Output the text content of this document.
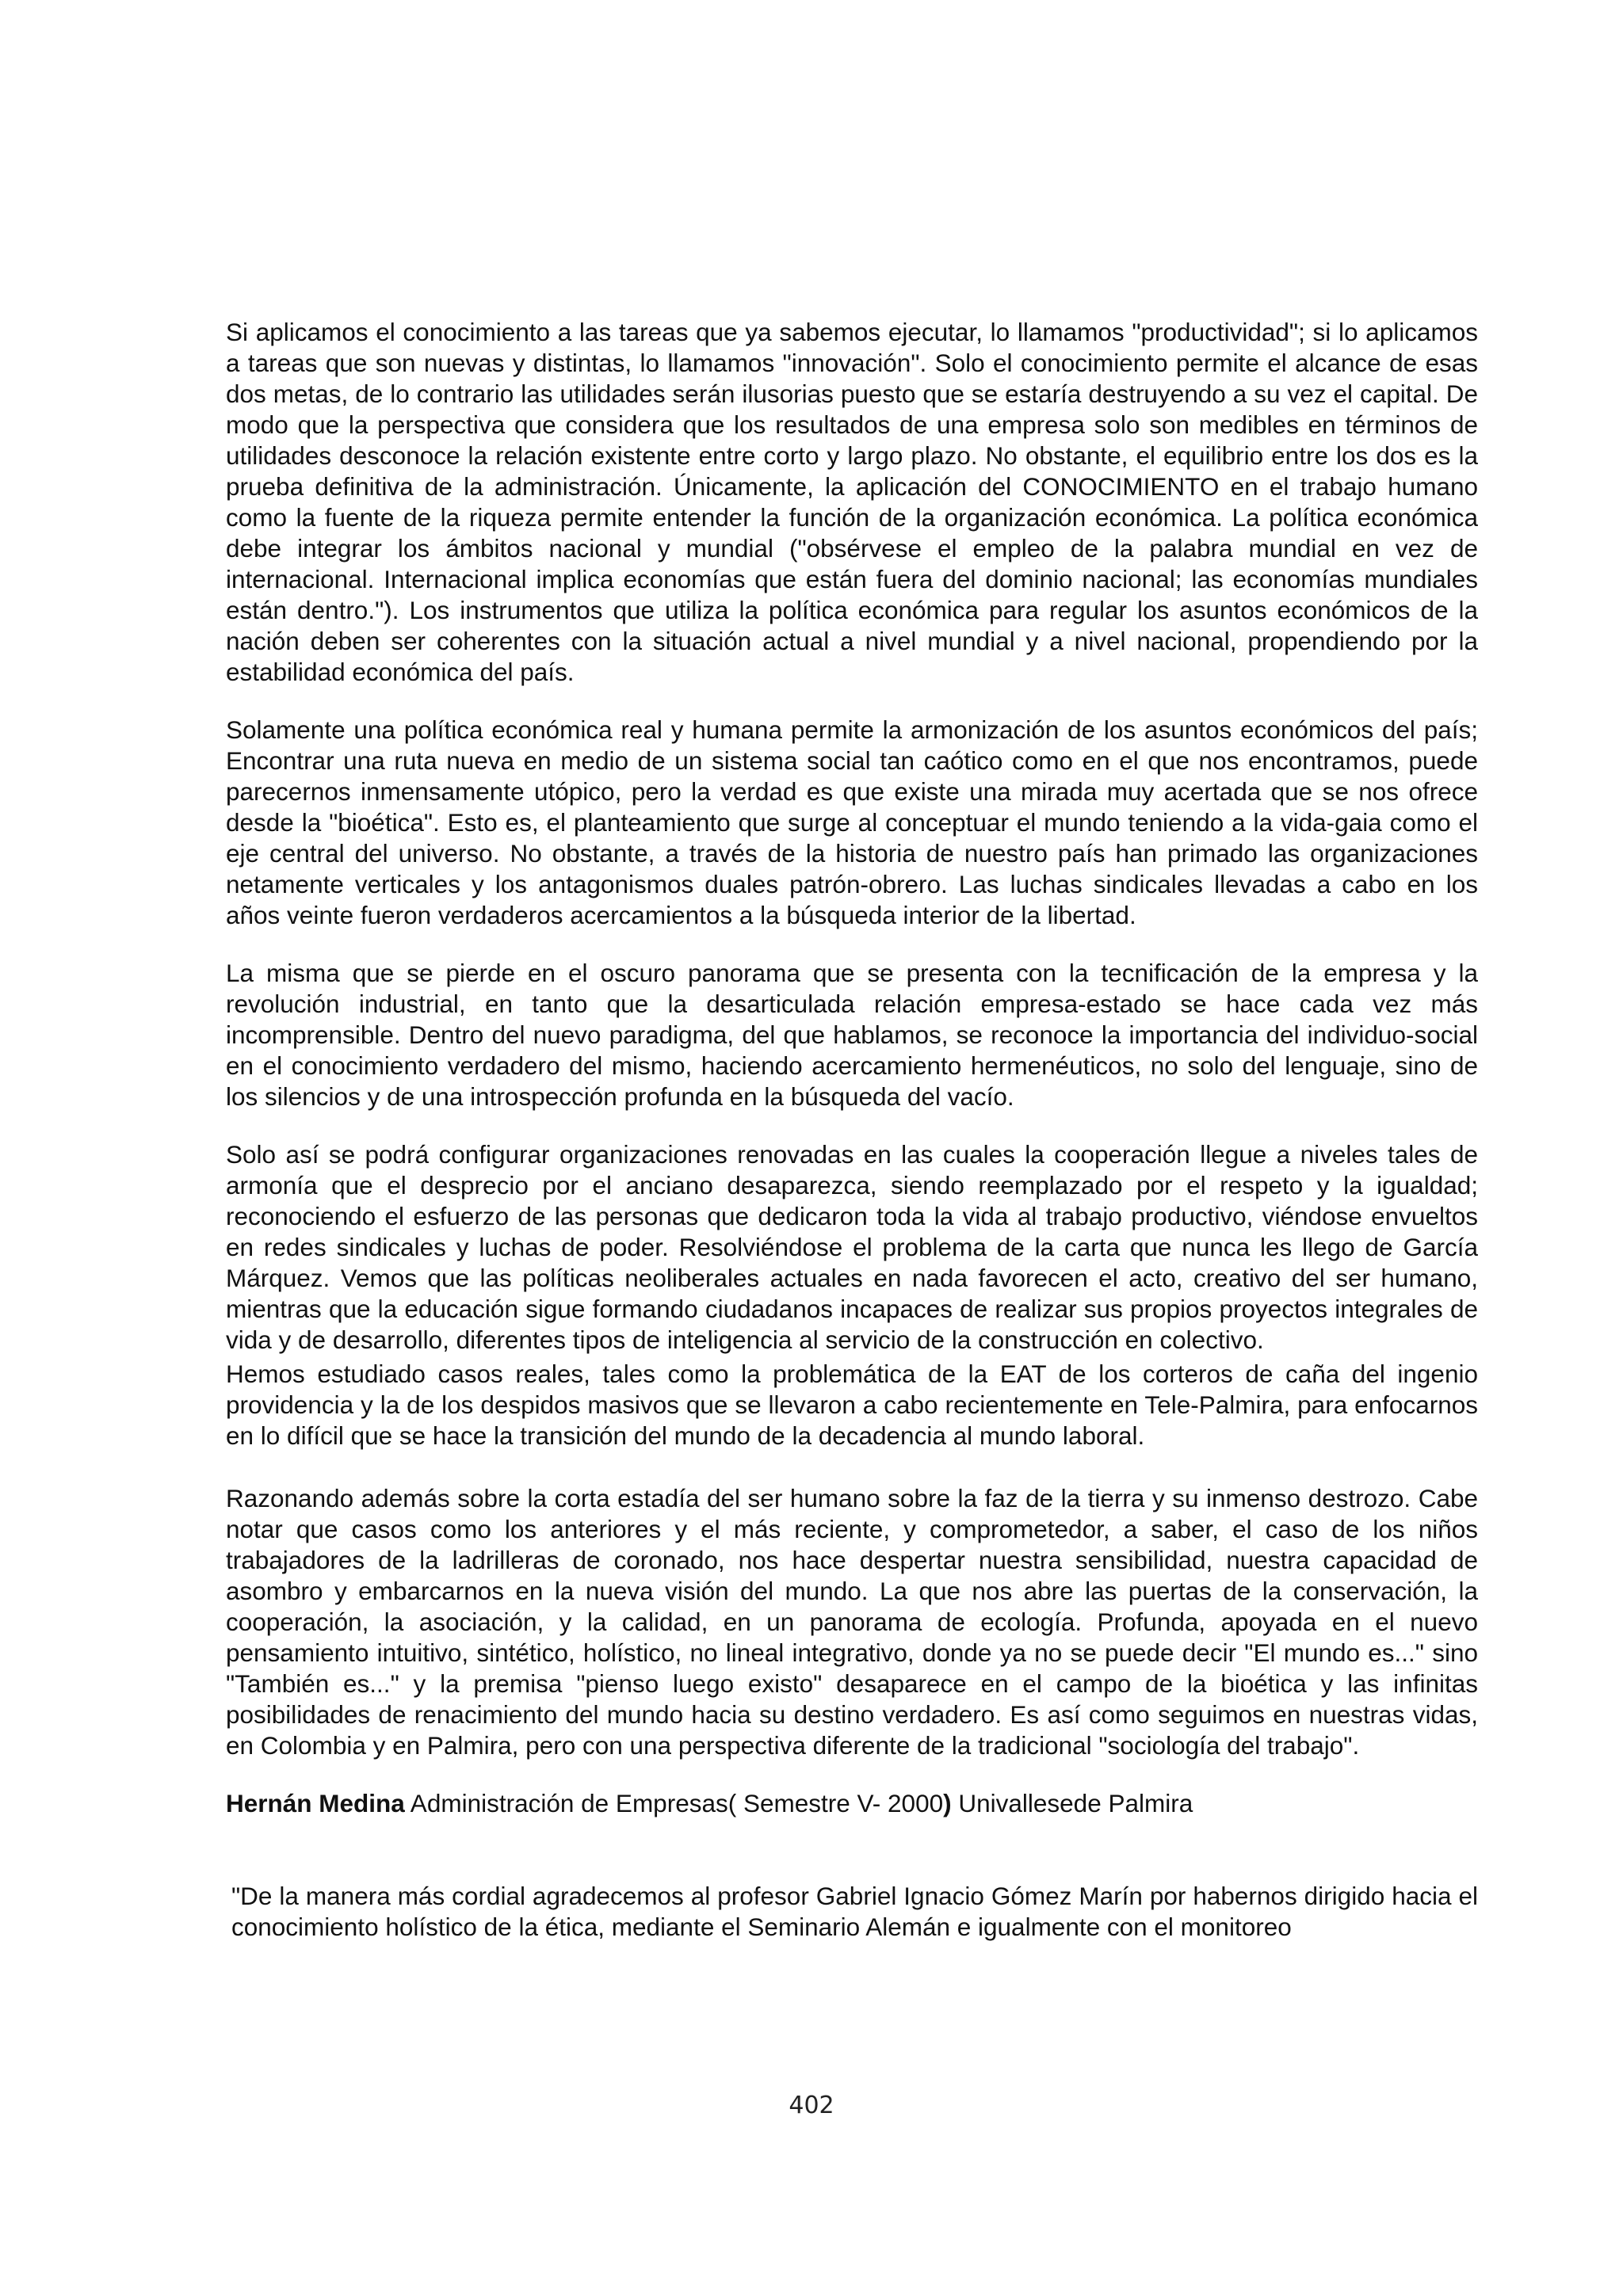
Si aplicamos el conocimiento a las tareas que ya sabemos ejecutar, lo llamamos "productividad"; si lo aplicamos a tareas que son nuevas y distintas, lo llamamos "innovación". Solo el conocimiento permite el alcance de esas dos metas, de lo contrario las utilidades serán ilusorias puesto que se estaría destruyendo a su vez el capital. De modo que la perspectiva que considera que los resultados de una empresa solo son medibles en términos de utilidades desconoce la relación existente entre corto y largo plazo. No obstante, el equilibrio entre los dos es la prueba definitiva de la administración. Únicamente, la aplicación del CONOCIMIENTO en el trabajo humano como la fuente de la riqueza permite entender la función de la organización económica. La política económica debe integrar los ámbitos nacional y mundial ("obsérvese el empleo de la palabra mundial en vez de internacional. Internacional implica economías que están fuera del dominio nacional; las economías mundiales están dentro."). Los instrumentos que utiliza la política económica para regular los asuntos económicos de la nación deben ser coherentes con la situación actual a nivel mundial y a nivel nacional, propendiendo por la estabilidad económica del país.

Solamente una política económica real y humana permite la armonización de los asuntos económicos del país; Encontrar una ruta nueva en medio de un sistema social tan caótico como en el que nos encontramos, puede parecernos inmensamente utópico, pero la verdad es que existe una mirada muy acertada que se nos ofrece desde la "bioética". Esto es, el planteamiento que surge al conceptuar el mundo teniendo a la vida-gaia como el eje central del universo. No obstante, a través de la historia de nuestro país han primado las organizaciones netamente verticales y los antagonismos duales patrón-obrero. Las luchas sindicales llevadas a cabo en los años veinte fueron verdaderos acercamientos a la búsqueda interior de la libertad.

La misma que se pierde en el oscuro panorama que se presenta con la tecnificación de la empresa y la revolución industrial, en tanto que la desarticulada relación empresa-estado se hace cada vez más incomprensible. Dentro del nuevo paradigma, del que hablamos, se reconoce la importancia del individuo-social en el conocimiento verdadero del mismo, haciendo acercamiento hermenéuticos, no solo del lenguaje, sino de los silencios y de una introspección profunda en la búsqueda del vacío.

Solo así se podrá configurar organizaciones renovadas en las cuales la cooperación llegue a niveles tales de armonía que el desprecio por el anciano desaparezca, siendo reemplazado por el respeto y la igualdad; reconociendo el esfuerzo de las personas que dedicaron toda la vida al trabajo productivo, viéndose envueltos en redes sindicales y luchas de poder. Resolviéndose el problema de la carta que nunca les llego de García Márquez. Vemos que las políticas neoliberales actuales en nada favorecen el acto, creativo del ser humano, mientras que la educación sigue formando ciudadanos incapaces de realizar sus propios proyectos integrales de vida y de desarrollo, diferentes tipos de inteligencia al servicio de la construcción en colectivo.

Hemos estudiado casos reales, tales como la problemática de la EAT de los corteros de caña del ingenio providencia y la de los despidos masivos que se llevaron a cabo recientemente en Tele-Palmira, para enfocarnos en lo difícil que se hace la transición del mundo de la decadencia al mundo laboral.

Razonando además sobre la corta estadía del ser humano sobre la faz de la tierra y su inmenso destrozo. Cabe notar que casos como los anteriores y el más reciente, y comprometedor, a saber, el caso de los niños trabajadores de la ladrilleras de coronado, nos hace despertar nuestra sensibilidad, nuestra capacidad de asombro y embarcarnos en la nueva visión del mundo. La que nos abre las puertas de la conservación, la cooperación, la asociación, y la calidad, en un panorama de ecología. Profunda, apoyada en el nuevo pensamiento intuitivo, sintético, holístico, no lineal integrativo, donde ya no se puede decir "El mundo es..." sino "También es..." y la premisa "pienso luego existo" desaparece en el campo de la bioética y las infinitas posibilidades de renacimiento del mundo hacia su destino verdadero. Es así como seguimos en nuestras vidas, en Colombia y en Palmira, pero con una perspectiva diferente de la tradicional "sociología del trabajo".

Hernán Medina Administración de Empresas( Semestre V- 2000) Univallesede Palmira

"De la manera más cordial agradecemos al profesor Gabriel Ignacio Gómez Marín por habernos dirigido hacia el conocimiento holístico de la ética, mediante el Seminario Alemán e igualmente con el monitoreo

402
